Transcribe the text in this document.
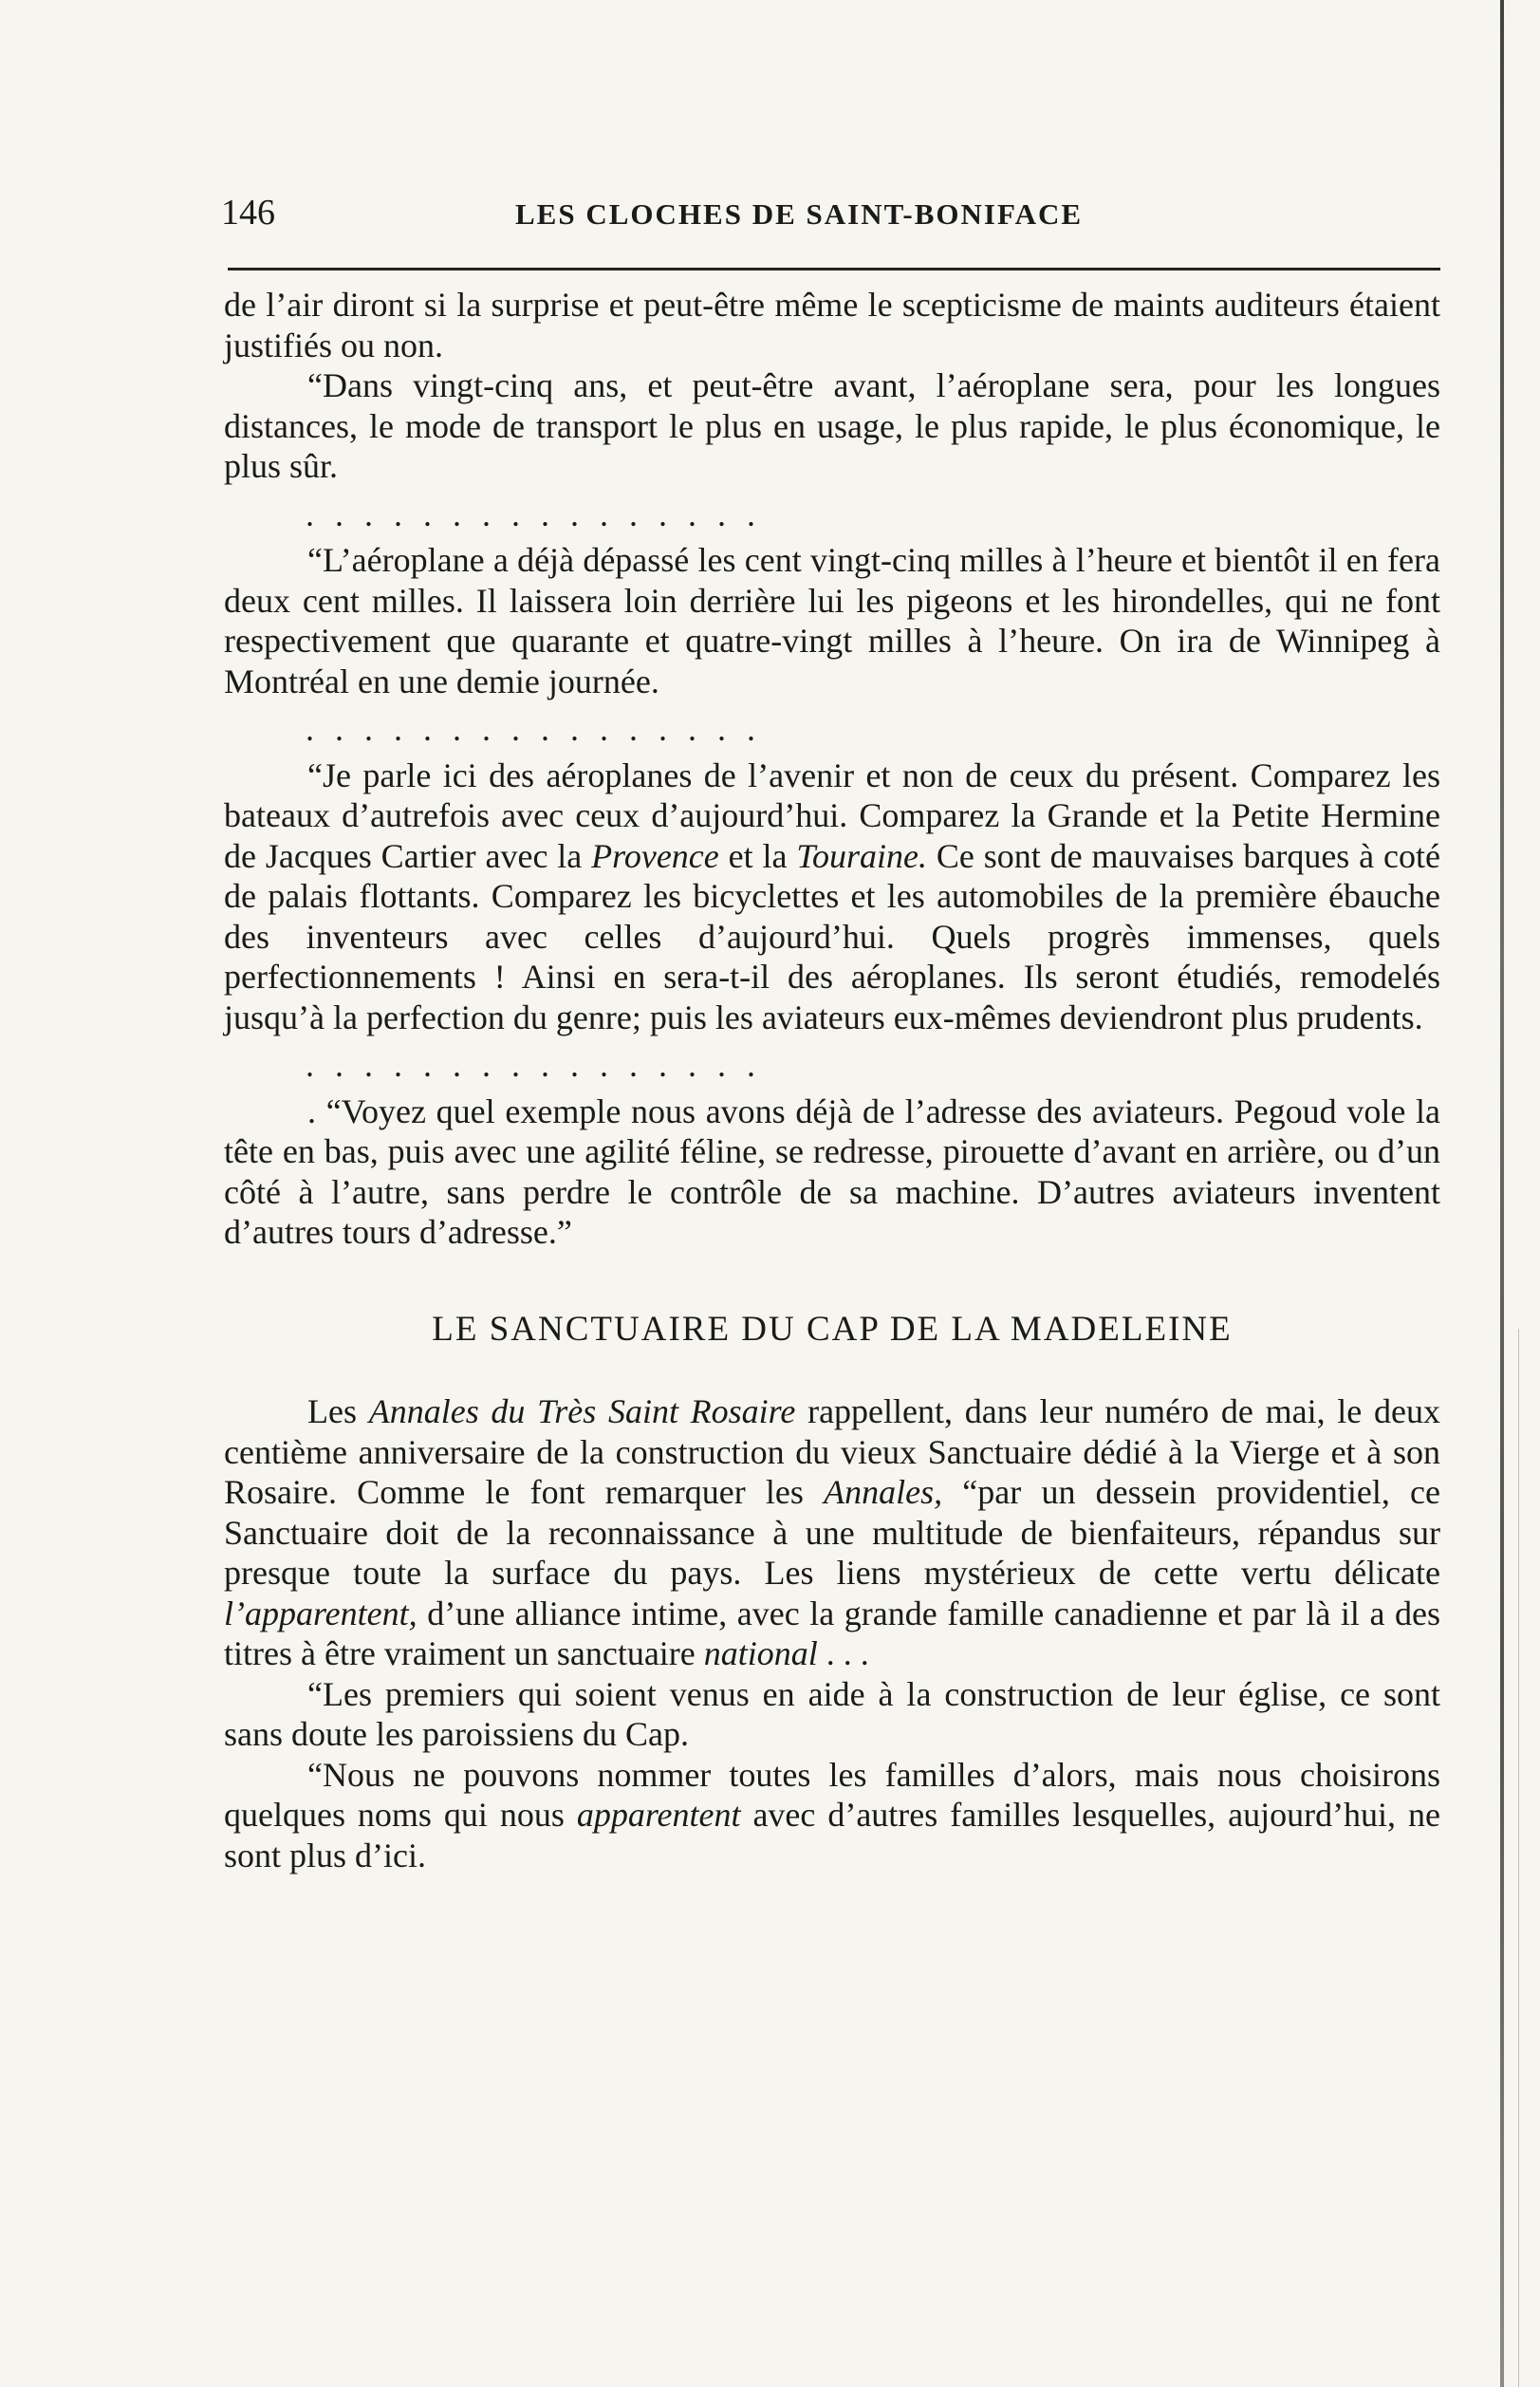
146	LES CLOCHES DE SAINT-BONIFACE

de l’air diront si la surprise et peut-être même le scepticisme de maints auditeurs étaient justifiés ou non.

“Dans vingt-cinq ans, et peut-être avant, l’aéroplane sera, pour les longues distances, le mode de transport le plus en usage, le plus rapide, le plus économique, le plus sûr.

................

“L’aéroplane a déjà dépassé les cent vingt-cinq milles à l’heure et bientôt il en fera deux cent milles. Il laissera loin derrière lui les pigeons et les hirondelles, qui ne font respectivement que quarante et quatre-vingt milles à l’heure. On ira de Winnipeg à Montréal en une demie journée.

................

“Je parle ici des aéroplanes de l’avenir et non de ceux du présent. Comparez les bateaux d’autrefois avec ceux d’aujourd’hui. Comparez la Grande et la Petite Hermine de Jacques Cartier avec la Provence et la Touraine. Ce sont de mauvaises barques à coté de palais flottants. Comparez les bicyclettes et les automobiles de la première ébauche des inventeurs avec celles d’aujourd’hui. Quels progrès immenses, quels perfectionnements ! Ainsi en sera-t-il des aéroplanes. Ils seront étudiés, remodelés jusqu’à la perfection du genre; puis les aviateurs eux-mêmes deviendront plus prudents.

................

. “Voyez quel exemple nous avons déjà de l’adresse des aviateurs. Pegoud vole la tête en bas, puis avec une agilité féline, se redresse, pirouette d’avant en arrière, ou d’un côté à l’autre, sans perdre le contrôle de sa machine. D’autres aviateurs inventent d’autres tours d’adresse.”

LE SANCTUAIRE DU CAP DE LA MADELEINE

Les Annales du Très Saint Rosaire rappellent, dans leur numéro de mai, le deux centième anniversaire de la construction du vieux Sanctuaire dédié à la Vierge et à son Rosaire. Comme le font remarquer les Annales, “par un dessein providentiel, ce Sanctuaire doit de la reconnaissance à une multitude de bienfaiteurs, répandus sur presque toute la surface du pays. Les liens mystérieux de cette vertu délicate l’apparentent, d’une alliance intime, avec la grande famille canadienne et par là il a des titres à être vraiment un sanctuaire national . . .

“Les premiers qui soient venus en aide à la construction de leur église, ce sont sans doute les paroissiens du Cap.

“Nous ne pouvons nommer toutes les familles d’alors, mais nous choisirons quelques noms qui nous apparentent avec d’autres familles lesquelles, aujourd’hui, ne sont plus d’ici.
